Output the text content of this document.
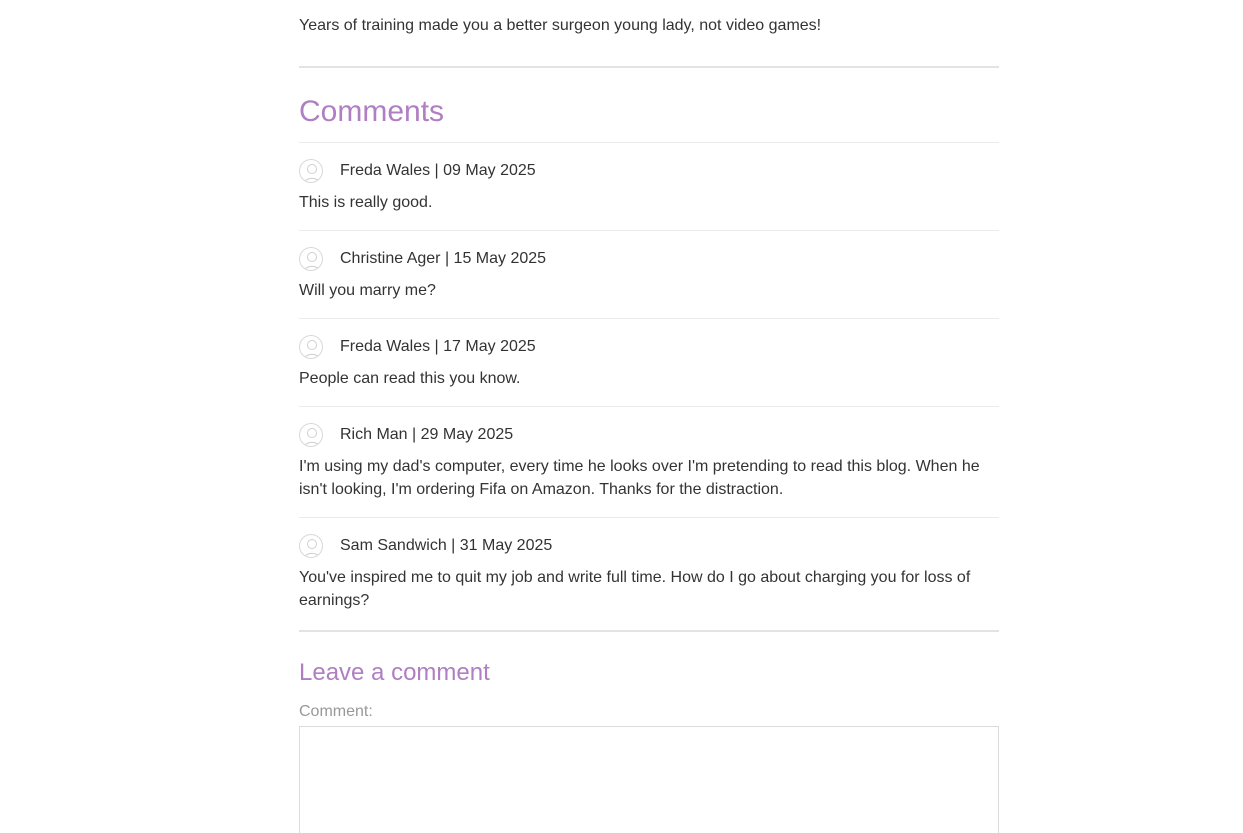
Years of training made you a better surgeon young lady, not video games!

Comments
Freda Wales | 09 May 2025

This is really good.

Christine Ager | 15 May 2025

Will you marry me?

Freda Wales | 17 May 2025

People can read this you know.

Rich Man | 29 May 2025

I'm using my dad's computer, every time he looks over I'm pretending to read this blog. When he isn't looking, I'm ordering Fifa on Amazon. Thanks for the distraction.

Sam Sandwich | 31 May 2025

You've inspired me to quit my job and write full time. How do I go about charging you for loss of earnings?

Leave a comment
Comment:
